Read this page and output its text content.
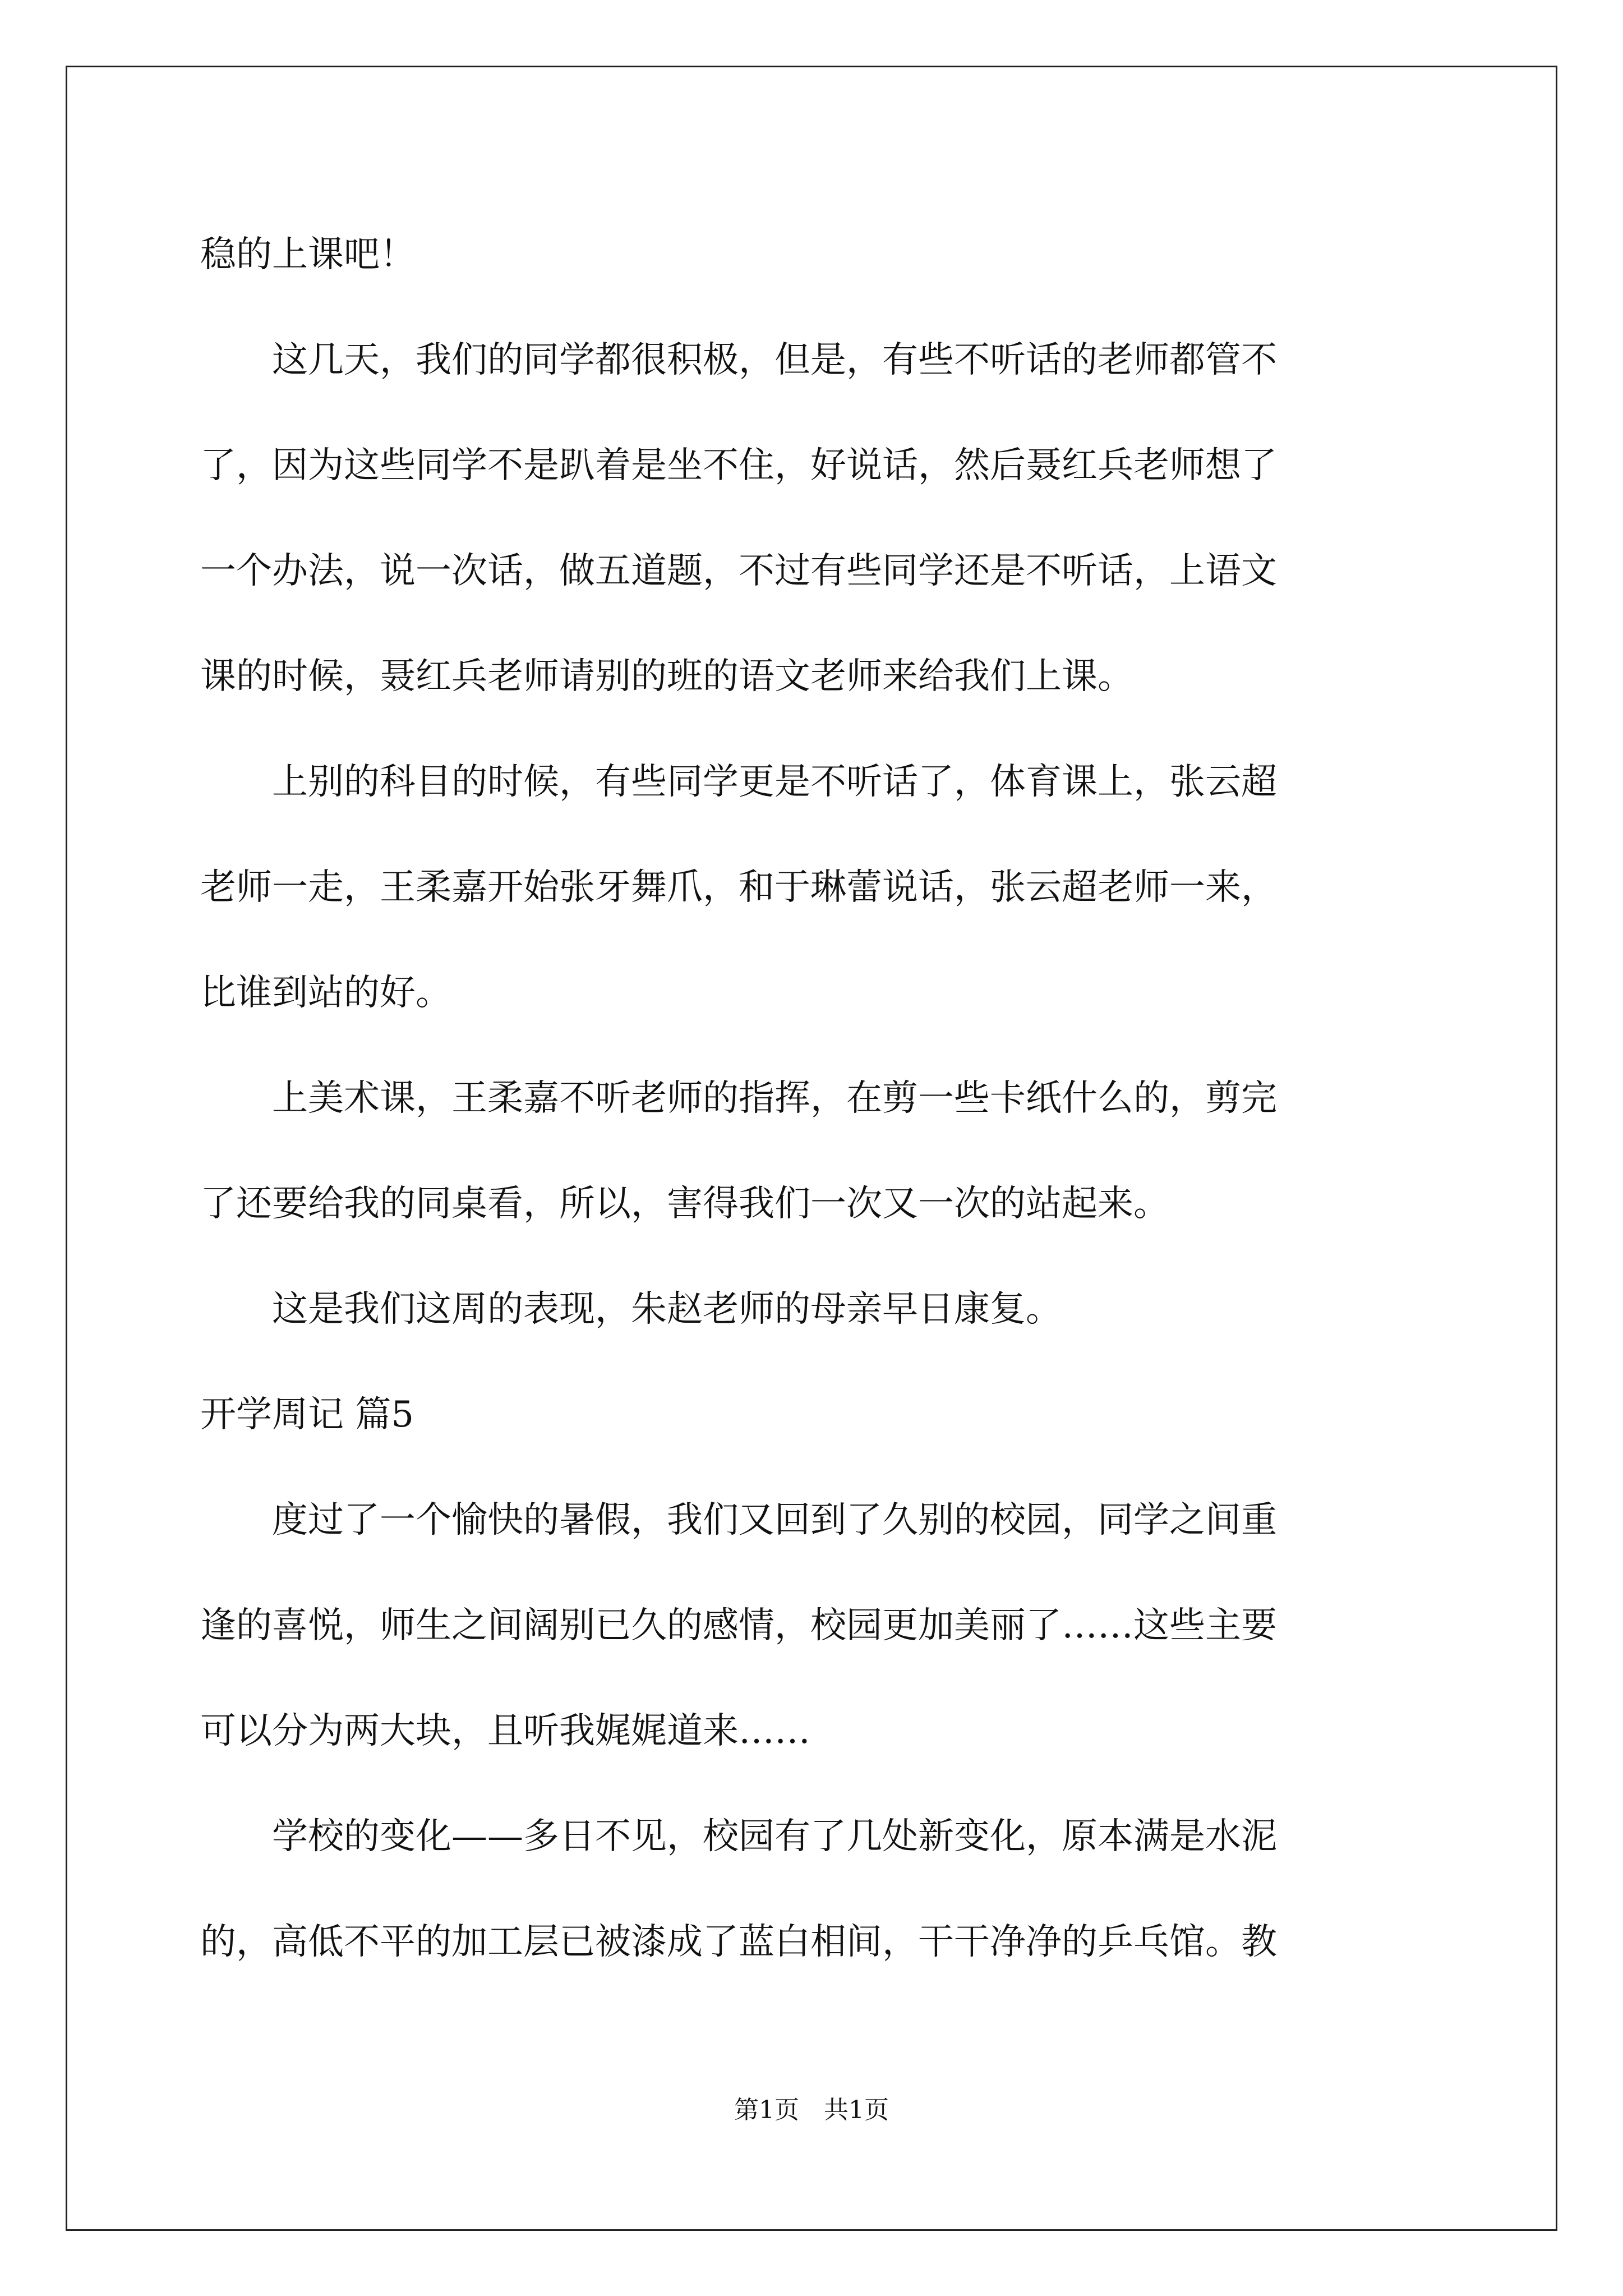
稳的上课吧！
　　这几天，我们的同学都很积极，但是，有些不听话的老师都管不
了，因为这些同学不是趴着是坐不住，好说话，然后聂红兵老师想了
一个办法，说一次话，做五道题，不过有些同学还是不听话，上语文
课的时候，聂红兵老师请别的班的语文老师来给我们上课。
　　上别的科目的时候，有些同学更是不听话了，体育课上，张云超
老师一走，王柔嘉开始张牙舞爪，和于琳蕾说话，张云超老师一来，
比谁到站的好。
　　上美术课，王柔嘉不听老师的指挥，在剪一些卡纸什么的，剪完
了还要给我的同桌看，所以，害得我们一次又一次的站起来。
　　这是我们这周的表现，朱赵老师的母亲早日康复。
开学周记 篇5
　　度过了一个愉快的暑假，我们又回到了久别的校园，同学之间重
逢的喜悦，师生之间阔别已久的感情，校园更加美丽了……这些主要
可以分为两大块，且听我娓娓道来……
　　学校的变化——多日不见，校园有了几处新变化，原本满是水泥
的，高低不平的加工层已被漆成了蓝白相间，干干净净的乒乓馆。教
第1页　共1页
